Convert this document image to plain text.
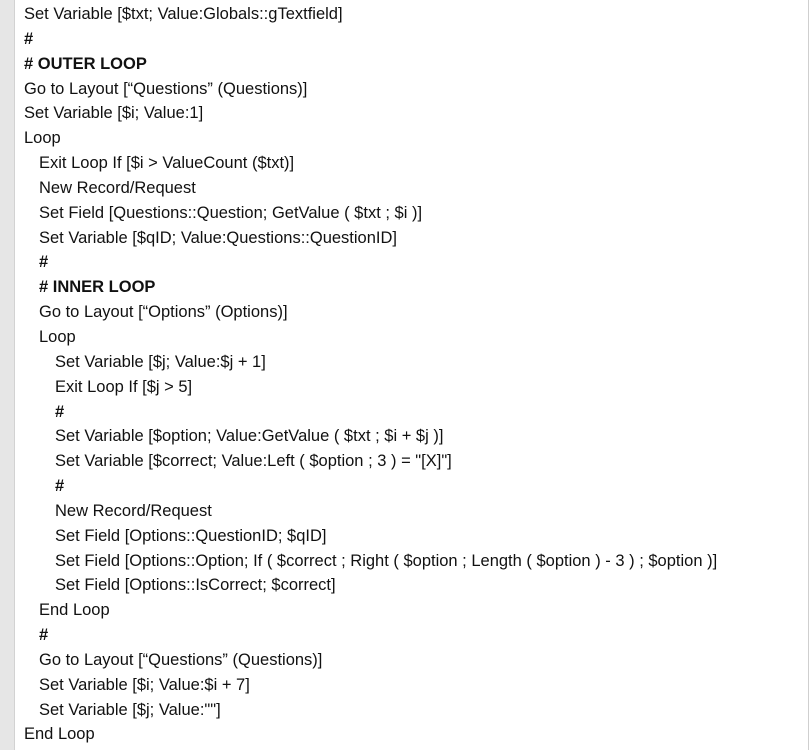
Set Variable [$txt; Value:Globals::gTextfield]
#
# OUTER LOOP
Go to Layout [“Questions” (Questions)]
Set Variable [$i; Value:1]
Loop
Exit Loop If [$i > ValueCount ($txt)]
New Record/Request
Set Field [Questions::Question; GetValue ( $txt ; $i )]
Set Variable [$qID; Value:Questions::QuestionID]
#
# INNER LOOP
Go to Layout [“Options” (Options)]
Loop
Set Variable [$j; Value:$j + 1]
Exit Loop If [$j > 5]
#
Set Variable [$option; Value:GetValue ( $txt ; $i + $j )]
Set Variable [$correct; Value:Left ( $option ; 3 ) = "[X]"]
#
New Record/Request
Set Field [Options::QuestionID; $qID]
Set Field [Options::Option; If ( $correct ; Right ( $option ; Length ( $option ) - 3 ) ; $option )]
Set Field [Options::IsCorrect; $correct]
End Loop
#
Go to Layout [“Questions” (Questions)]
Set Variable [$i; Value:$i + 7]
Set Variable [$j; Value:""]
End Loop
